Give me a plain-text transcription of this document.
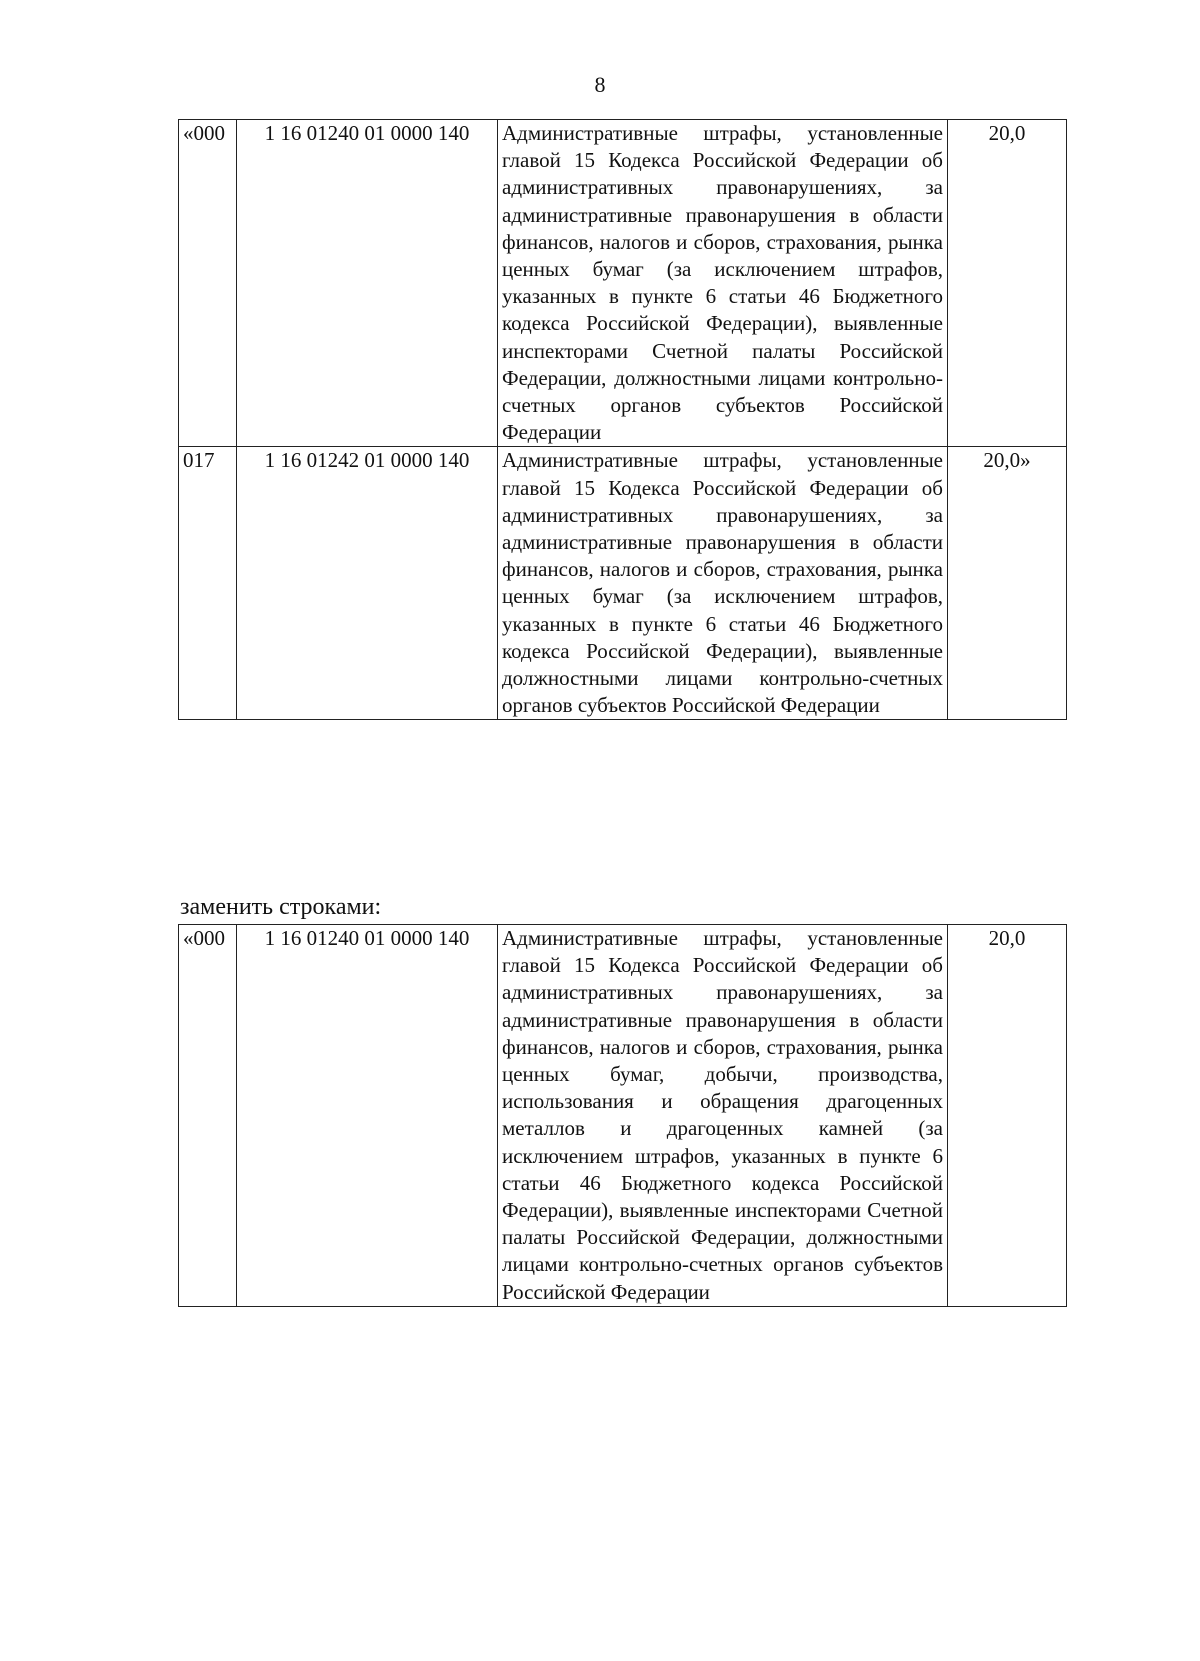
8
«000	1 16 01240 01 0000 140	Административные штрафы, установленные главой 15 Кодекса Российской Федерации об административных правонарушениях, за административные правонарушения в области финансов, налогов и сборов, страхования, рынка ценных бумаг (за исключением штрафов, указанных в пункте 6 статьи 46 Бюджетного кодекса Российской Федерации), выявленные инспекторами Счетной палаты Российской Федерации, должностными лицами контрольно-счетных органов субъектов Российской Федерации	20,0
017	1 16 01242 01 0000 140	Административные штрафы, установленные главой 15 Кодекса Российской Федерации об административных правонарушениях, за административные правонарушения в области финансов, налогов и сборов, страхования, рынка ценных бумаг (за исключением штрафов, указанных в пункте 6 статьи 46 Бюджетного кодекса Российской Федерации), выявленные должностными лицами контрольно-счетных органов субъектов Российской Федерации	20,0»
заменить строками:
«000	1 16 01240 01 0000 140	Административные штрафы, установленные главой 15 Кодекса Российской Федерации об административных правонарушениях, за административные правонарушения в области финансов, налогов и сборов, страхования, рынка ценных бумаг, добычи, производства, использования и обращения драгоценных металлов и драгоценных камней (за исключением штрафов, указанных в пункте 6 статьи 46 Бюджетного кодекса Российской Федерации), выявленные инспекторами Счетной палаты Российской Федерации, должностными лицами контрольно-счетных органов субъектов Российской Федерации	20,0
